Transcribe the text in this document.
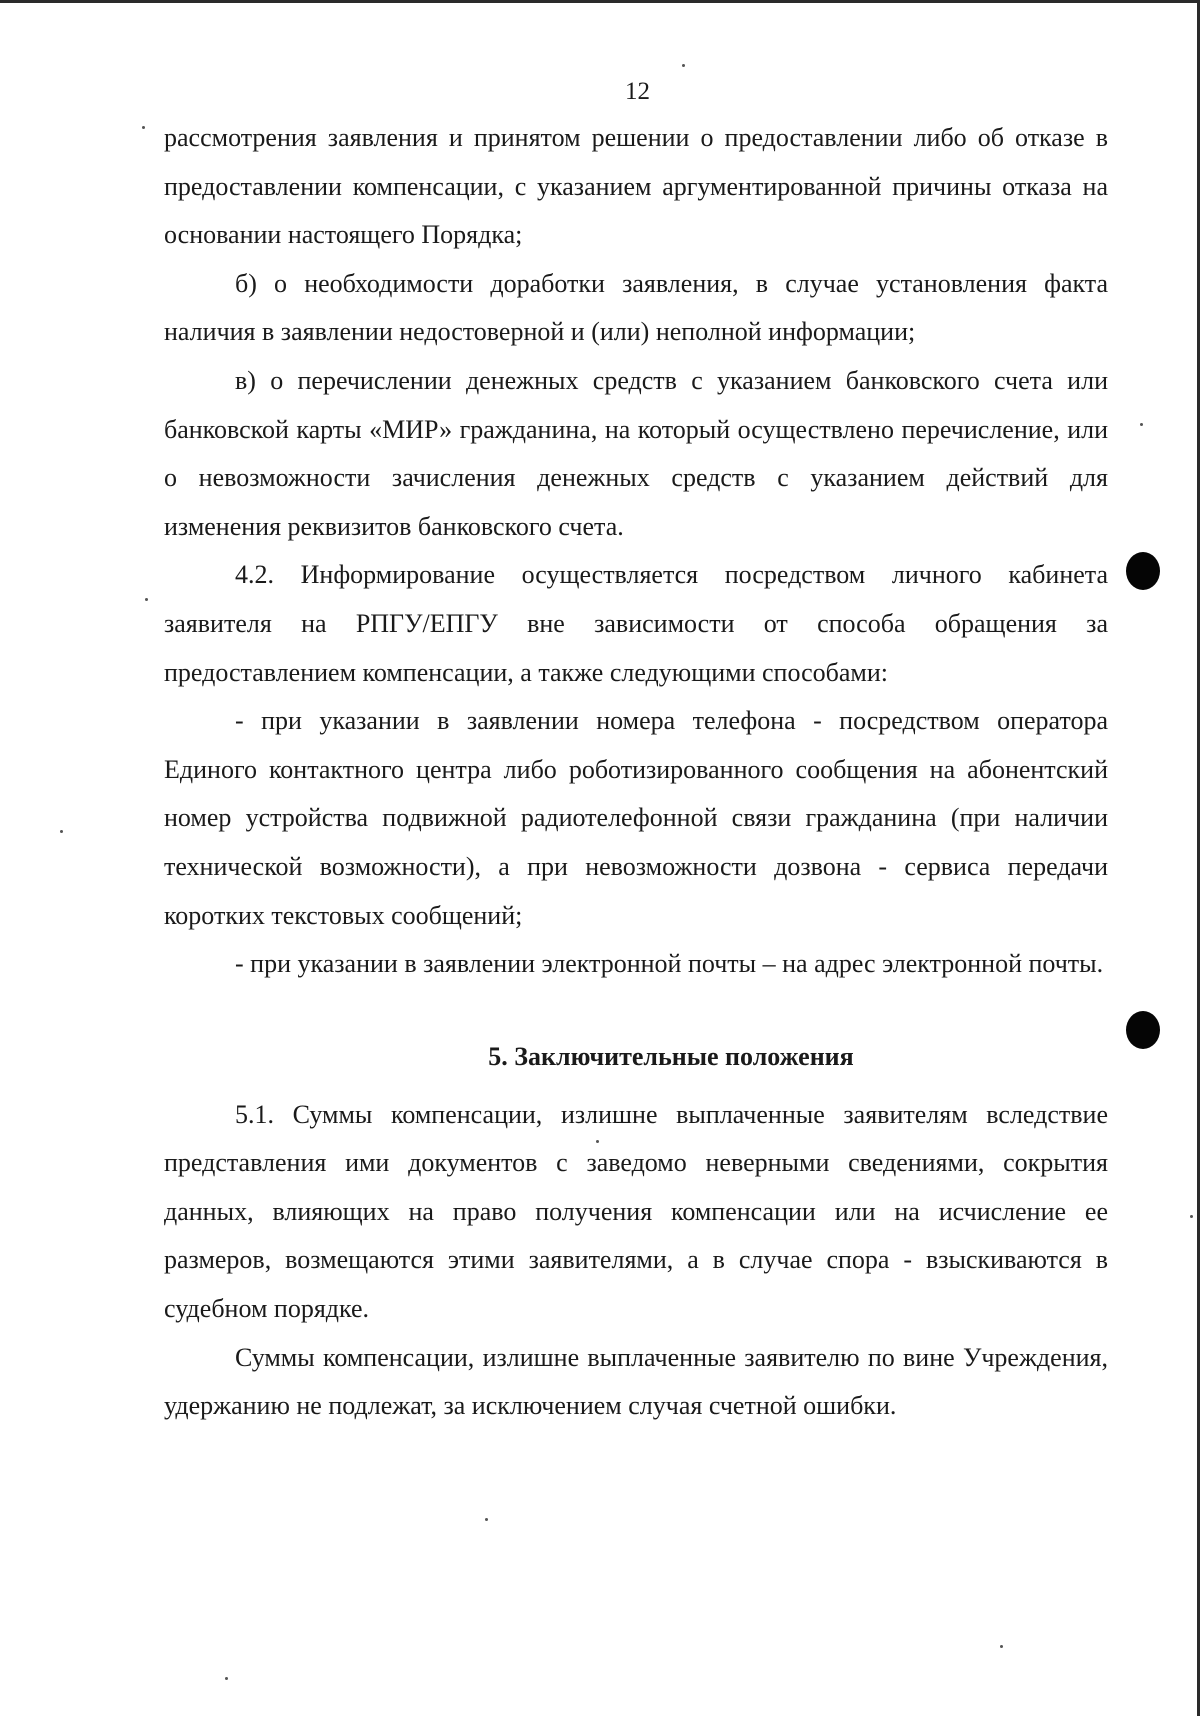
12

рассмотрения заявления и принятом решении о предоставлении либо об отказе в предоставлении компенсации, с указанием аргументированной причины отказа на основании настоящего Порядка;

б) о необходимости доработки заявления, в случае установления факта наличия в заявлении недостоверной и (или) неполной информации;

в) о перечислении денежных средств с указанием банковского счета или банковской карты «МИР» гражданина, на который осуществлено перечисление, или о невозможности зачисления денежных средств с указанием действий для изменения реквизитов банковского счета.

4.2. Информирование осуществляется посредством личного кабинета заявителя на РПГУ/ЕПГУ вне зависимости от способа обращения за предоставлением компенсации, а также следующими способами:

- при указании в заявлении номера телефона - посредством оператора Единого контактного центра либо роботизированного сообщения на абонентский номер устройства подвижной радиотелефонной связи гражданина (при наличии технической возможности), а при невозможности дозвона - сервиса передачи коротких текстовых сообщений;

- при указании в заявлении электронной почты – на адрес электронной почты.

5. Заключительные положения

5.1. Суммы компенсации, излишне выплаченные заявителям вследствие представления ими документов с заведомо неверными сведениями, сокрытия данных, влияющих на право получения компенсации или на исчисление ее размеров, возмещаются этими заявителями, а в случае спора - взыскиваются в судебном порядке.

Суммы компенсации, излишне выплаченные заявителю по вине Учреждения, удержанию не подлежат, за исключением случая счетной ошибки.
